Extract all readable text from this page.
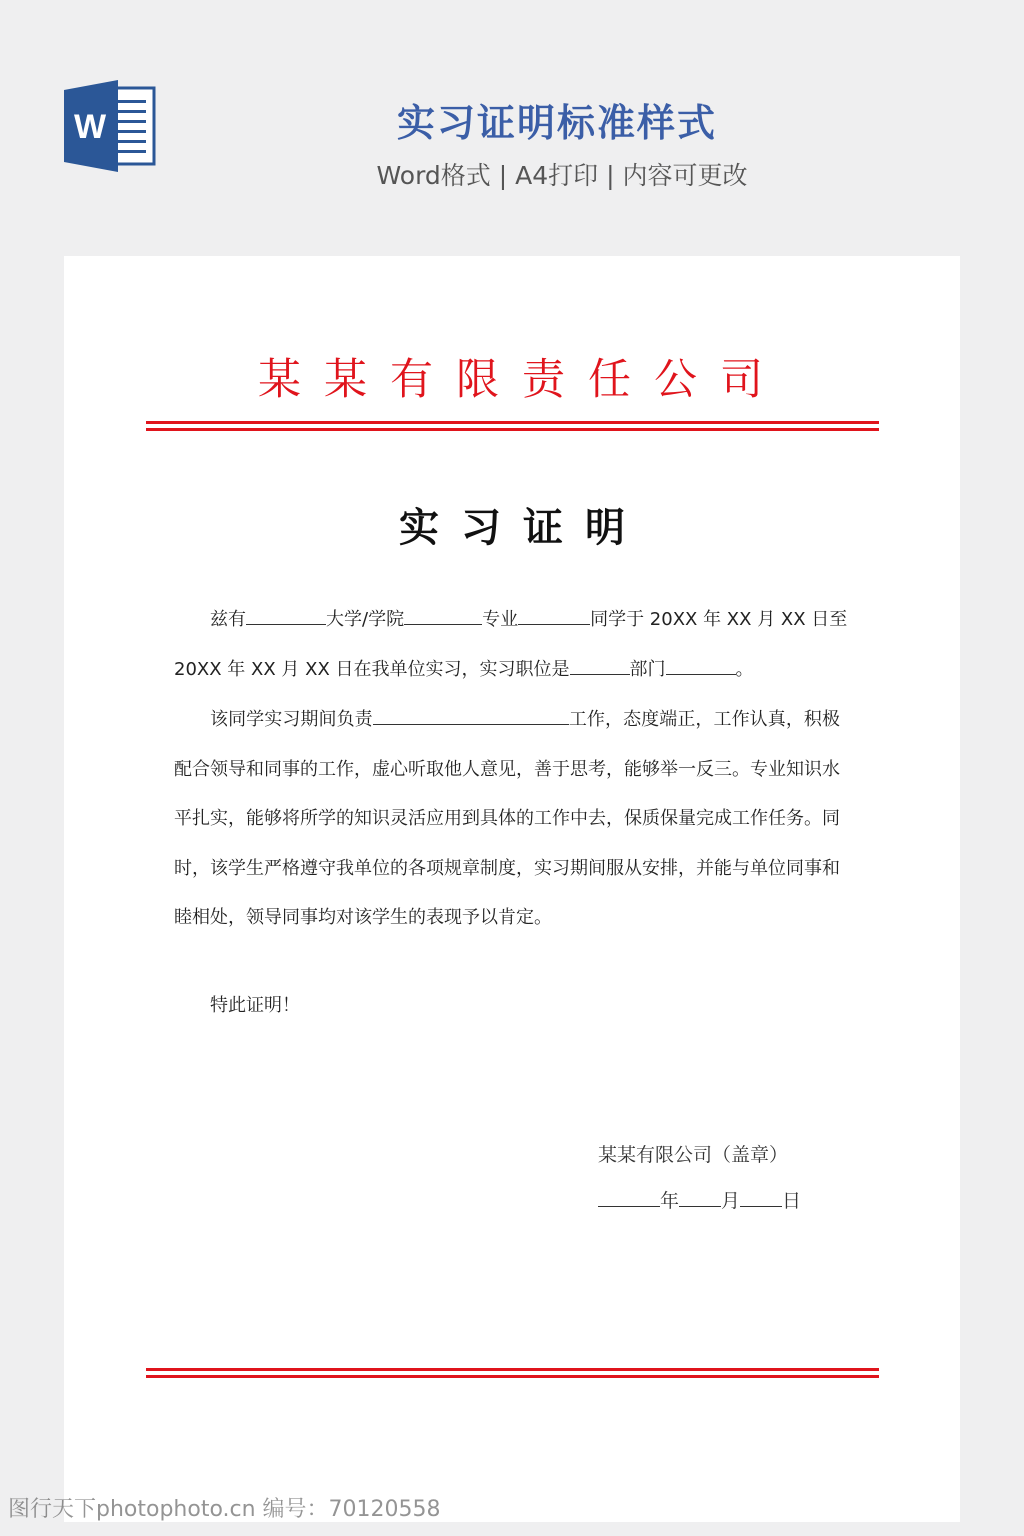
W	实习证明标准样式
Word格式 | A4打印 | 内容可更改
某某有限责任公司
实习证明
兹有	大学/学院	专业	同学于 20XX 年 XX 月 XX 日至
20XX 年 XX 月 XX 日在我单位实习，实习职位是	部门	。
该同学实习期间负责	工作，态度端正，工作认真，积极
配合领导和同事的工作，虚心听取他人意见，善于思考，能够举一反三。专业知识水
平扎实，能够将所学的知识灵活应用到具体的工作中去，保质保量完成工作任务。同
时，该学生严格遵守我单位的各项规章制度，实习期间服从安排，并能与单位同事和
睦相处，领导同事均对该学生的表现予以肯定。
特此证明！
某某有限公司（盖章）
年 月 日
图行天下photophoto.cn 编号：70120558
